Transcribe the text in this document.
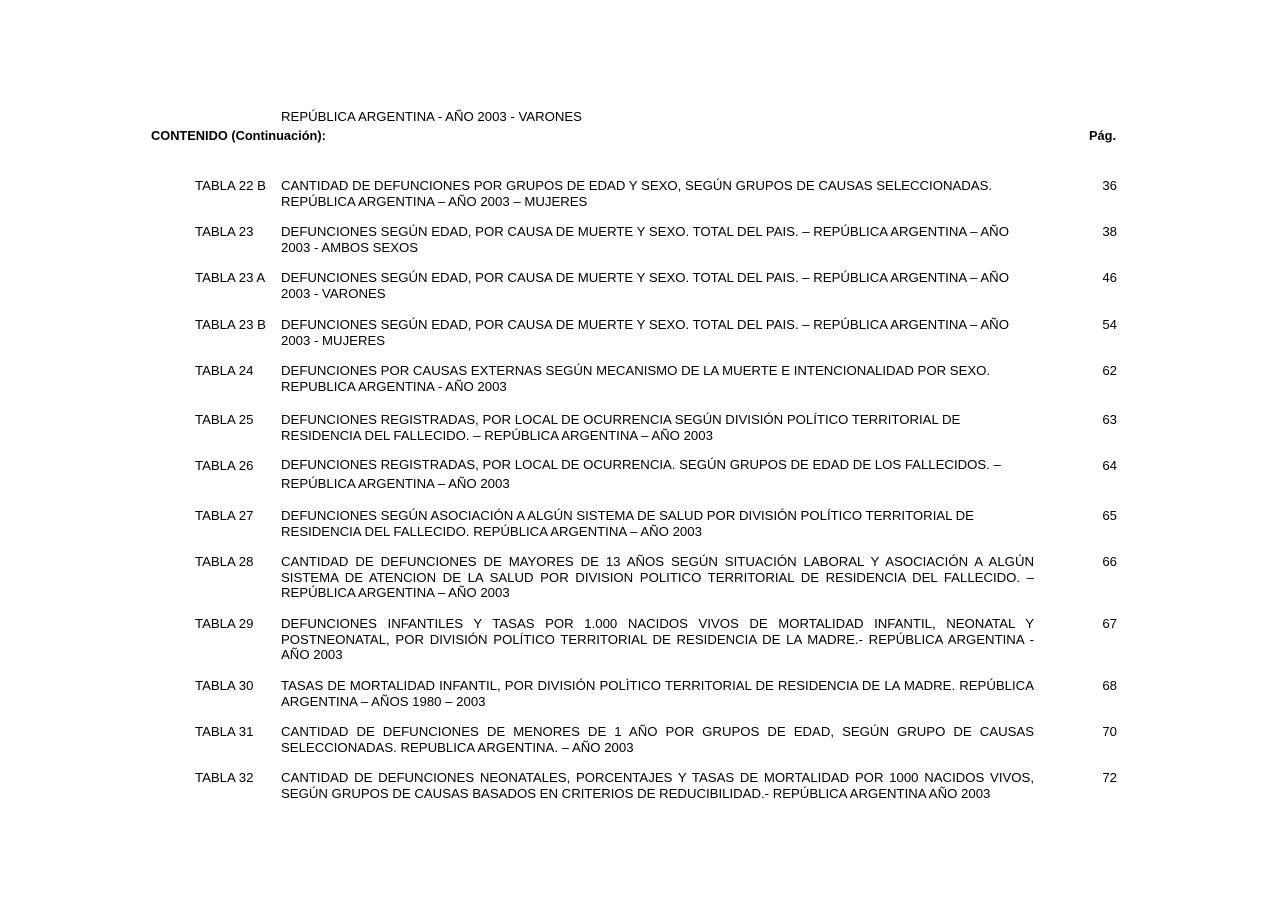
REPÚBLICA ARGENTINA - AÑO 2003 - VARONES
CONTENIDO (Continuación):	Pág.
TABLA 22 B CANTIDAD DE DEFUNCIONES POR GRUPOS DE EDAD Y SEXO, SEGÚN GRUPOS DE CAUSAS SELECCIONADAS. REPÚBLICA ARGENTINA – AÑO 2003 – MUJERES
36
TABLA 23 DEFUNCIONES SEGÚN EDAD, POR CAUSA DE MUERTE Y SEXO. TOTAL DEL PAIS. – REPÚBLICA ARGENTINA – AÑO 2003 - AMBOS SEXOS
38
TABLA 23 A DEFUNCIONES SEGÚN EDAD, POR CAUSA DE MUERTE Y SEXO. TOTAL DEL PAIS. – REPÚBLICA ARGENTINA – AÑO 2003 - VARONES
46
TABLA 23 B DEFUNCIONES SEGÚN EDAD, POR CAUSA DE MUERTE Y SEXO. TOTAL DEL PAIS. – REPÚBLICA ARGENTINA – AÑO 2003 - MUJERES
54
TABLA 24 DEFUNCIONES POR CAUSAS EXTERNAS SEGÚN MECANISMO DE LA MUERTE E INTENCIONALIDAD POR SEXO. REPUBLICA ARGENTINA - AÑO 2003
62
TABLA 25 DEFUNCIONES REGISTRADAS, POR LOCAL DE OCURRENCIA SEGÚN DIVISIÓN POLÍTICO TERRITORIAL DE RESIDENCIA DEL FALLECIDO. – REPÚBLICA ARGENTINA – AÑO 2003
63
TABLA 26 DEFUNCIONES REGISTRADAS, POR LOCAL DE OCURRENCIA. SEGÚN GRUPOS DE EDAD DE LOS FALLECIDOS. – REPÚBLICA ARGENTINA – AÑO 2003
64
TABLA 27 DEFUNCIONES SEGÚN ASOCIACIÓN A ALGÚN SISTEMA DE SALUD POR DIVISIÓN POLÍTICO TERRITORIAL DE RESIDENCIA DEL FALLECIDO. REPÚBLICA ARGENTINA – AÑO 2003
65
TABLA 28 CANTIDAD DE DEFUNCIONES DE MAYORES DE 13 AÑOS SEGÚN SITUACIÓN LABORAL Y ASOCIACIÓN A ALGÚN SISTEMA DE ATENCION DE LA SALUD POR DIVISION POLITICO TERRITORIAL DE RESIDENCIA DEL FALLECIDO. – REPÚBLICA ARGENTINA – AÑO 2003
66
TABLA 29 DEFUNCIONES INFANTILES Y TASAS POR 1.000 NACIDOS VIVOS DE MORTALIDAD INFANTIL, NEONATAL Y POSTNEONATAL, POR DIVISIÓN POLÍTICO TERRITORIAL DE RESIDENCIA DE LA MADRE.- REPÚBLICA ARGENTINA - AÑO 2003
67
TABLA 30 TASAS DE MORTALIDAD INFANTIL, POR DIVISIÓN POLÌTICO TERRITORIAL DE RESIDENCIA DE LA MADRE. REPÚBLICA ARGENTINA – AÑOS 1980 – 2003
68
TABLA 31 CANTIDAD DE DEFUNCIONES DE MENORES DE 1 AÑO POR GRUPOS DE EDAD, SEGÚN GRUPO DE CAUSAS SELECCIONADAS. REPUBLICA ARGENTINA. – AÑO 2003
70
TABLA 32 CANTIDAD DE DEFUNCIONES NEONATALES, PORCENTAJES Y TASAS DE MORTALIDAD POR 1000 NACIDOS VIVOS, SEGÚN GRUPOS DE CAUSAS BASADOS EN CRITERIOS DE REDUCIBILIDAD.- REPÚBLICA ARGENTINA AÑO 2003
72
